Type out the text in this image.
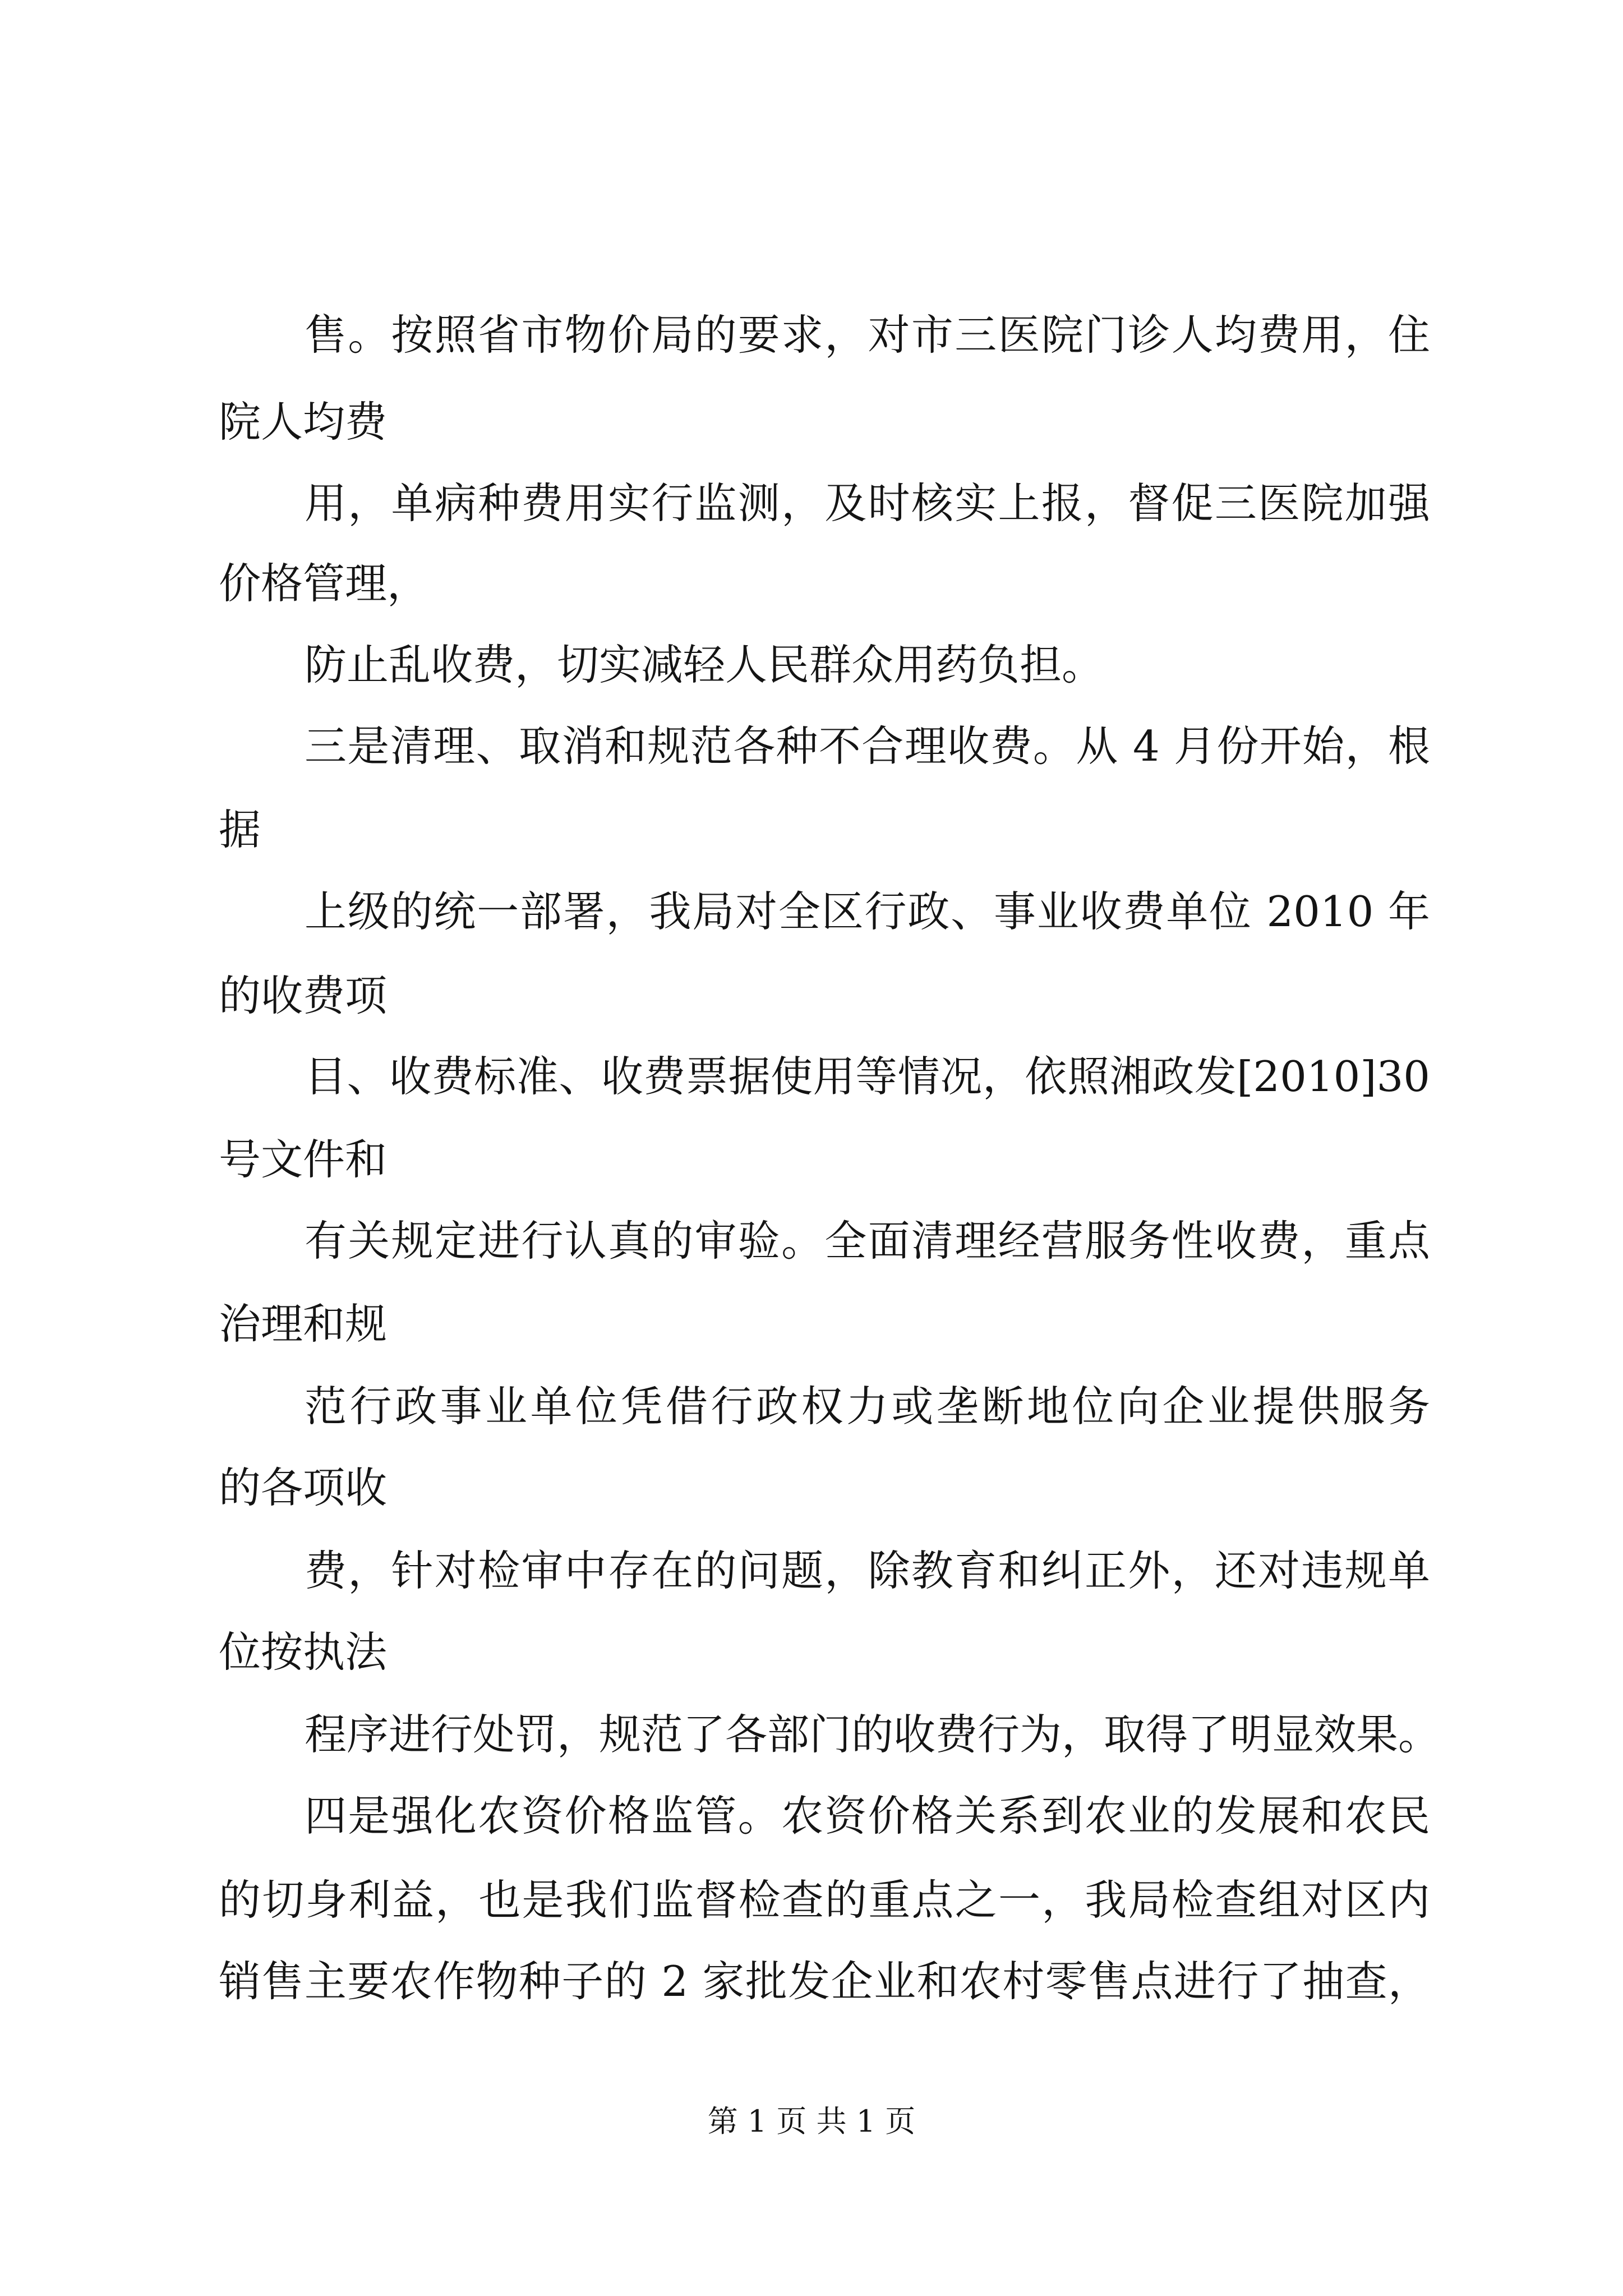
售。按照省市物价局的要求，对市三医院门诊人均费用，住
院人均费
用，单病种费用实行监测，及时核实上报，督促三医院加强
价格管理，
防止乱收费，切实减轻人民群众用药负担。
三是清理、取消和规范各种不合理收费。从 4 月份开始，根
据
上级的统一部署，我局对全区行政、事业收费单位 2010 年
的收费项
目、收费标准、收费票据使用等情况，依照湘政发[2010]30
号文件和
有关规定进行认真的审验。全面清理经营服务性收费，重点
治理和规
范行政事业单位凭借行政权力或垄断地位向企业提供服务
的各项收
费，针对检审中存在的问题，除教育和纠正外，还对违规单
位按执法
程序进行处罚，规范了各部门的收费行为，取得了明显效果。
四是强化农资价格监管。农资价格关系到农业的发展和农民
的切身利益，也是我们监督检查的重点之一，我局检查组对区内
销售主要农作物种子的 2 家批发企业和农村零售点进行了抽查，
第 1 页 共 1 页
